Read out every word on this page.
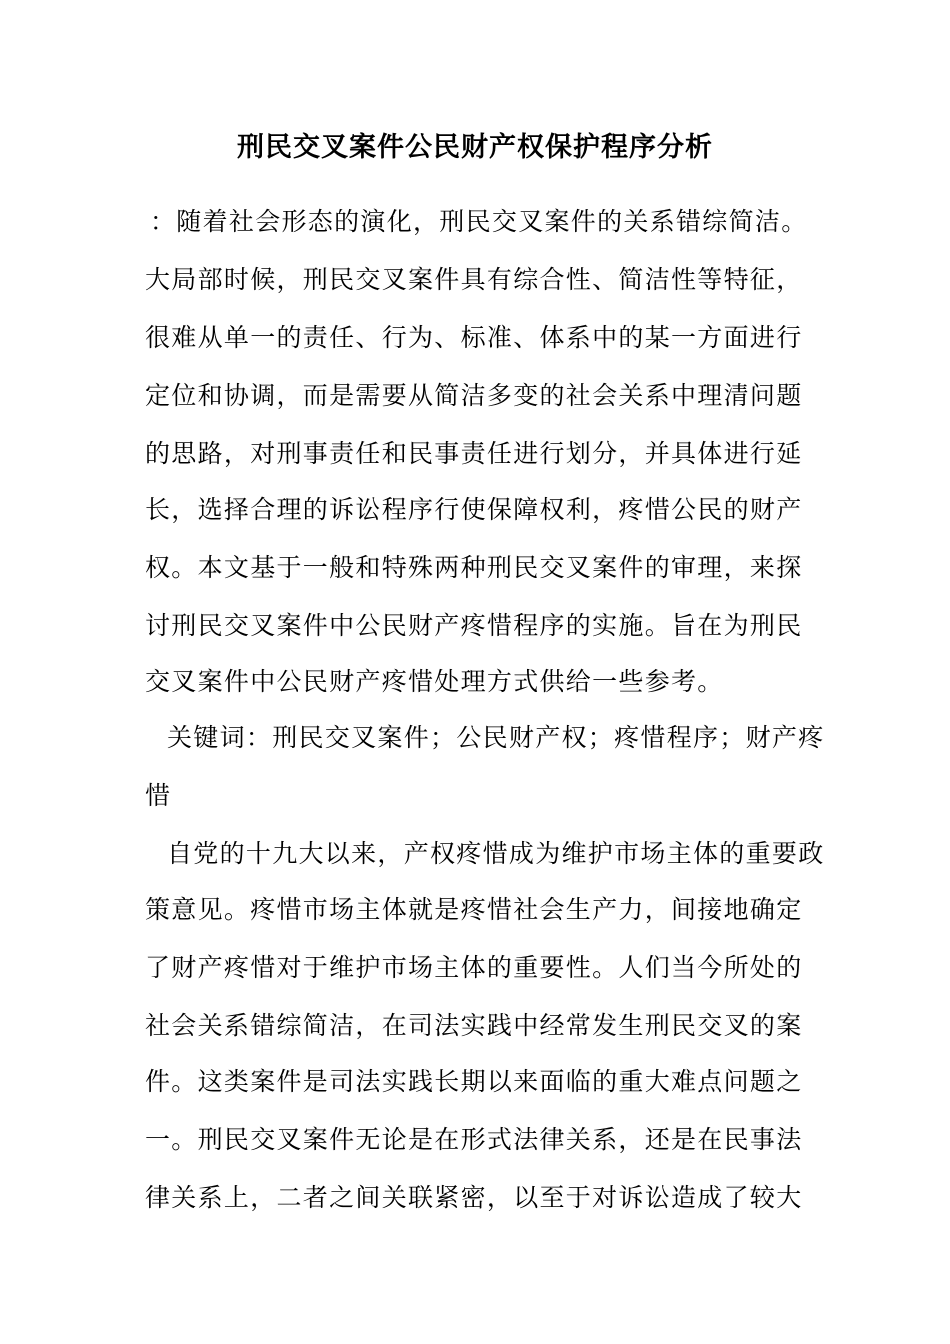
刑民交叉案件公民财产权保护程序分析
：随着社会形态的演化，刑民交叉案件的关系错综简洁。
大局部时候，刑民交叉案件具有综合性、简洁性等特征，
很难从单一的责任、行为、标准、体系中的某一方面进行
定位和协调，而是需要从简洁多变的社会关系中理清问题
的思路，对刑事责任和民事责任进行划分，并具体进行延
长，选择合理的诉讼程序行使保障权利，疼惜公民的财产
权。本文基于一般和特殊两种刑民交叉案件的审理，来探
讨刑民交叉案件中公民财产疼惜程序的实施。旨在为刑民
交叉案件中公民财产疼惜处理方式供给一些参考。
关键词：刑民交叉案件；公民财产权；疼惜程序；财产疼
惜
自党的十九大以来，产权疼惜成为维护市场主体的重要政
策意见。疼惜市场主体就是疼惜社会生产力，间接地确定
了财产疼惜对于维护市场主体的重要性。人们当今所处的
社会关系错综简洁，在司法实践中经常发生刑民交叉的案
件。这类案件是司法实践长期以来面临的重大难点问题之
一。刑民交叉案件无论是在形式法律关系，还是在民事法
律关系上，二者之间关联紧密，以至于对诉讼造成了较大
